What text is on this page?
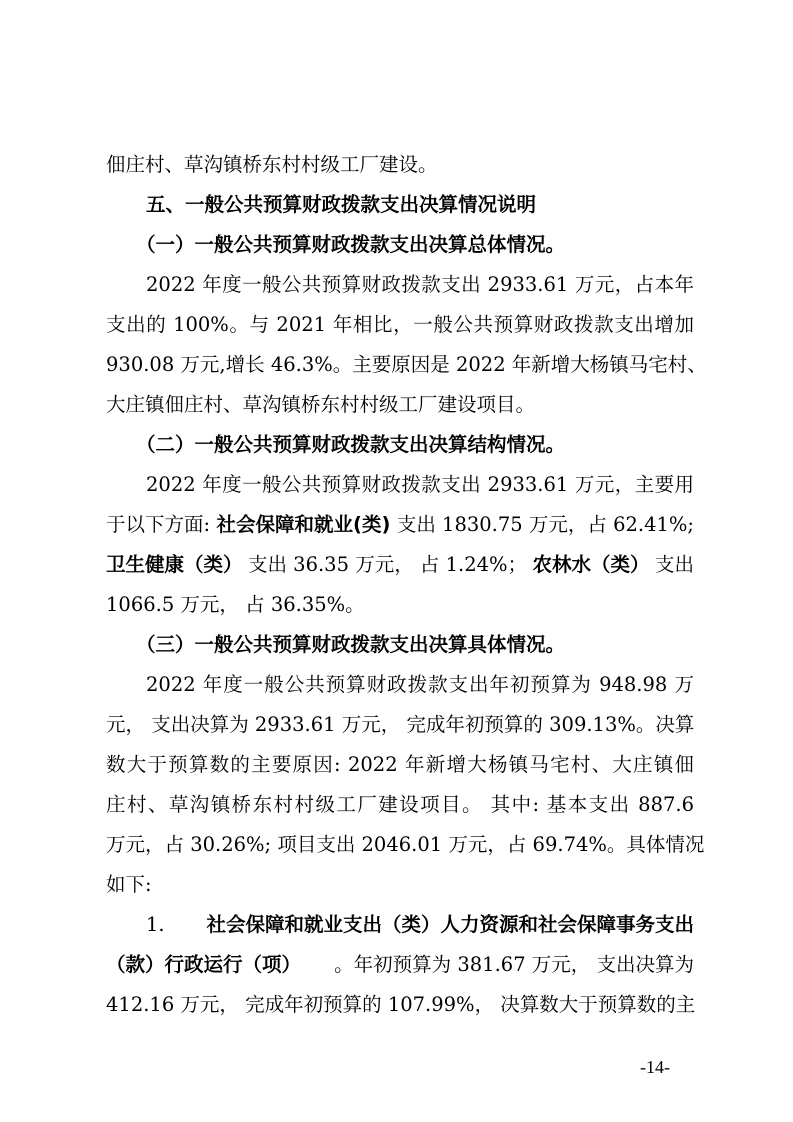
佃庄村、草沟镇桥东村村级工厂建设。
五、一般公共预算财政拨款支出决算情况说明
（一）一般公共预算财政拨款支出决算总体情况。
2022 年度一般公共预算财政拨款支出 2933.61 万元，占本年
支出的 100%。与 2021 年相比，一般公共预算财政拨款支出增加
930.08 万元,增长 46.3%。主要原因是 2022 年新增大杨镇马宅村、
大庄镇佃庄村、草沟镇桥东村村级工厂建设项目。
（二）一般公共预算财政拨款支出决算结构情况。
2022 年度一般公共预算财政拨款支出 2933.61 万元，主要用
于以下方面: 社会保障和就业(类) 支出 1830.75 万元，占 62.41%;
卫生健康（类） 支出 36.35 万元， 占 1.24%； 农林水（类） 支出
1066.5 万元， 占 36.35%。
（三）一般公共预算财政拨款支出决算具体情况。
2022 年度一般公共预算财政拨款支出年初预算为 948.98 万
元， 支出决算为 2933.61 万元， 完成年初预算的 309.13%。决算
数大于预算数的主要原因: 2022 年新增大杨镇马宅村、大庄镇佃
庄村、草沟镇桥东村村级工厂建设项目。 其中: 基本支出 887.6
万元，占 30.26%; 项目支出 2046.01 万元，占 69.74%。具体情况
如下:
1. 社会保障和就业支出（类）人力资源和社会保障事务支出
（款）行政运行（项） 。年初预算为 381.67 万元， 支出决算为
412.16 万元， 完成年初预算的 107.99%， 决算数大于预算数的主
-14-
